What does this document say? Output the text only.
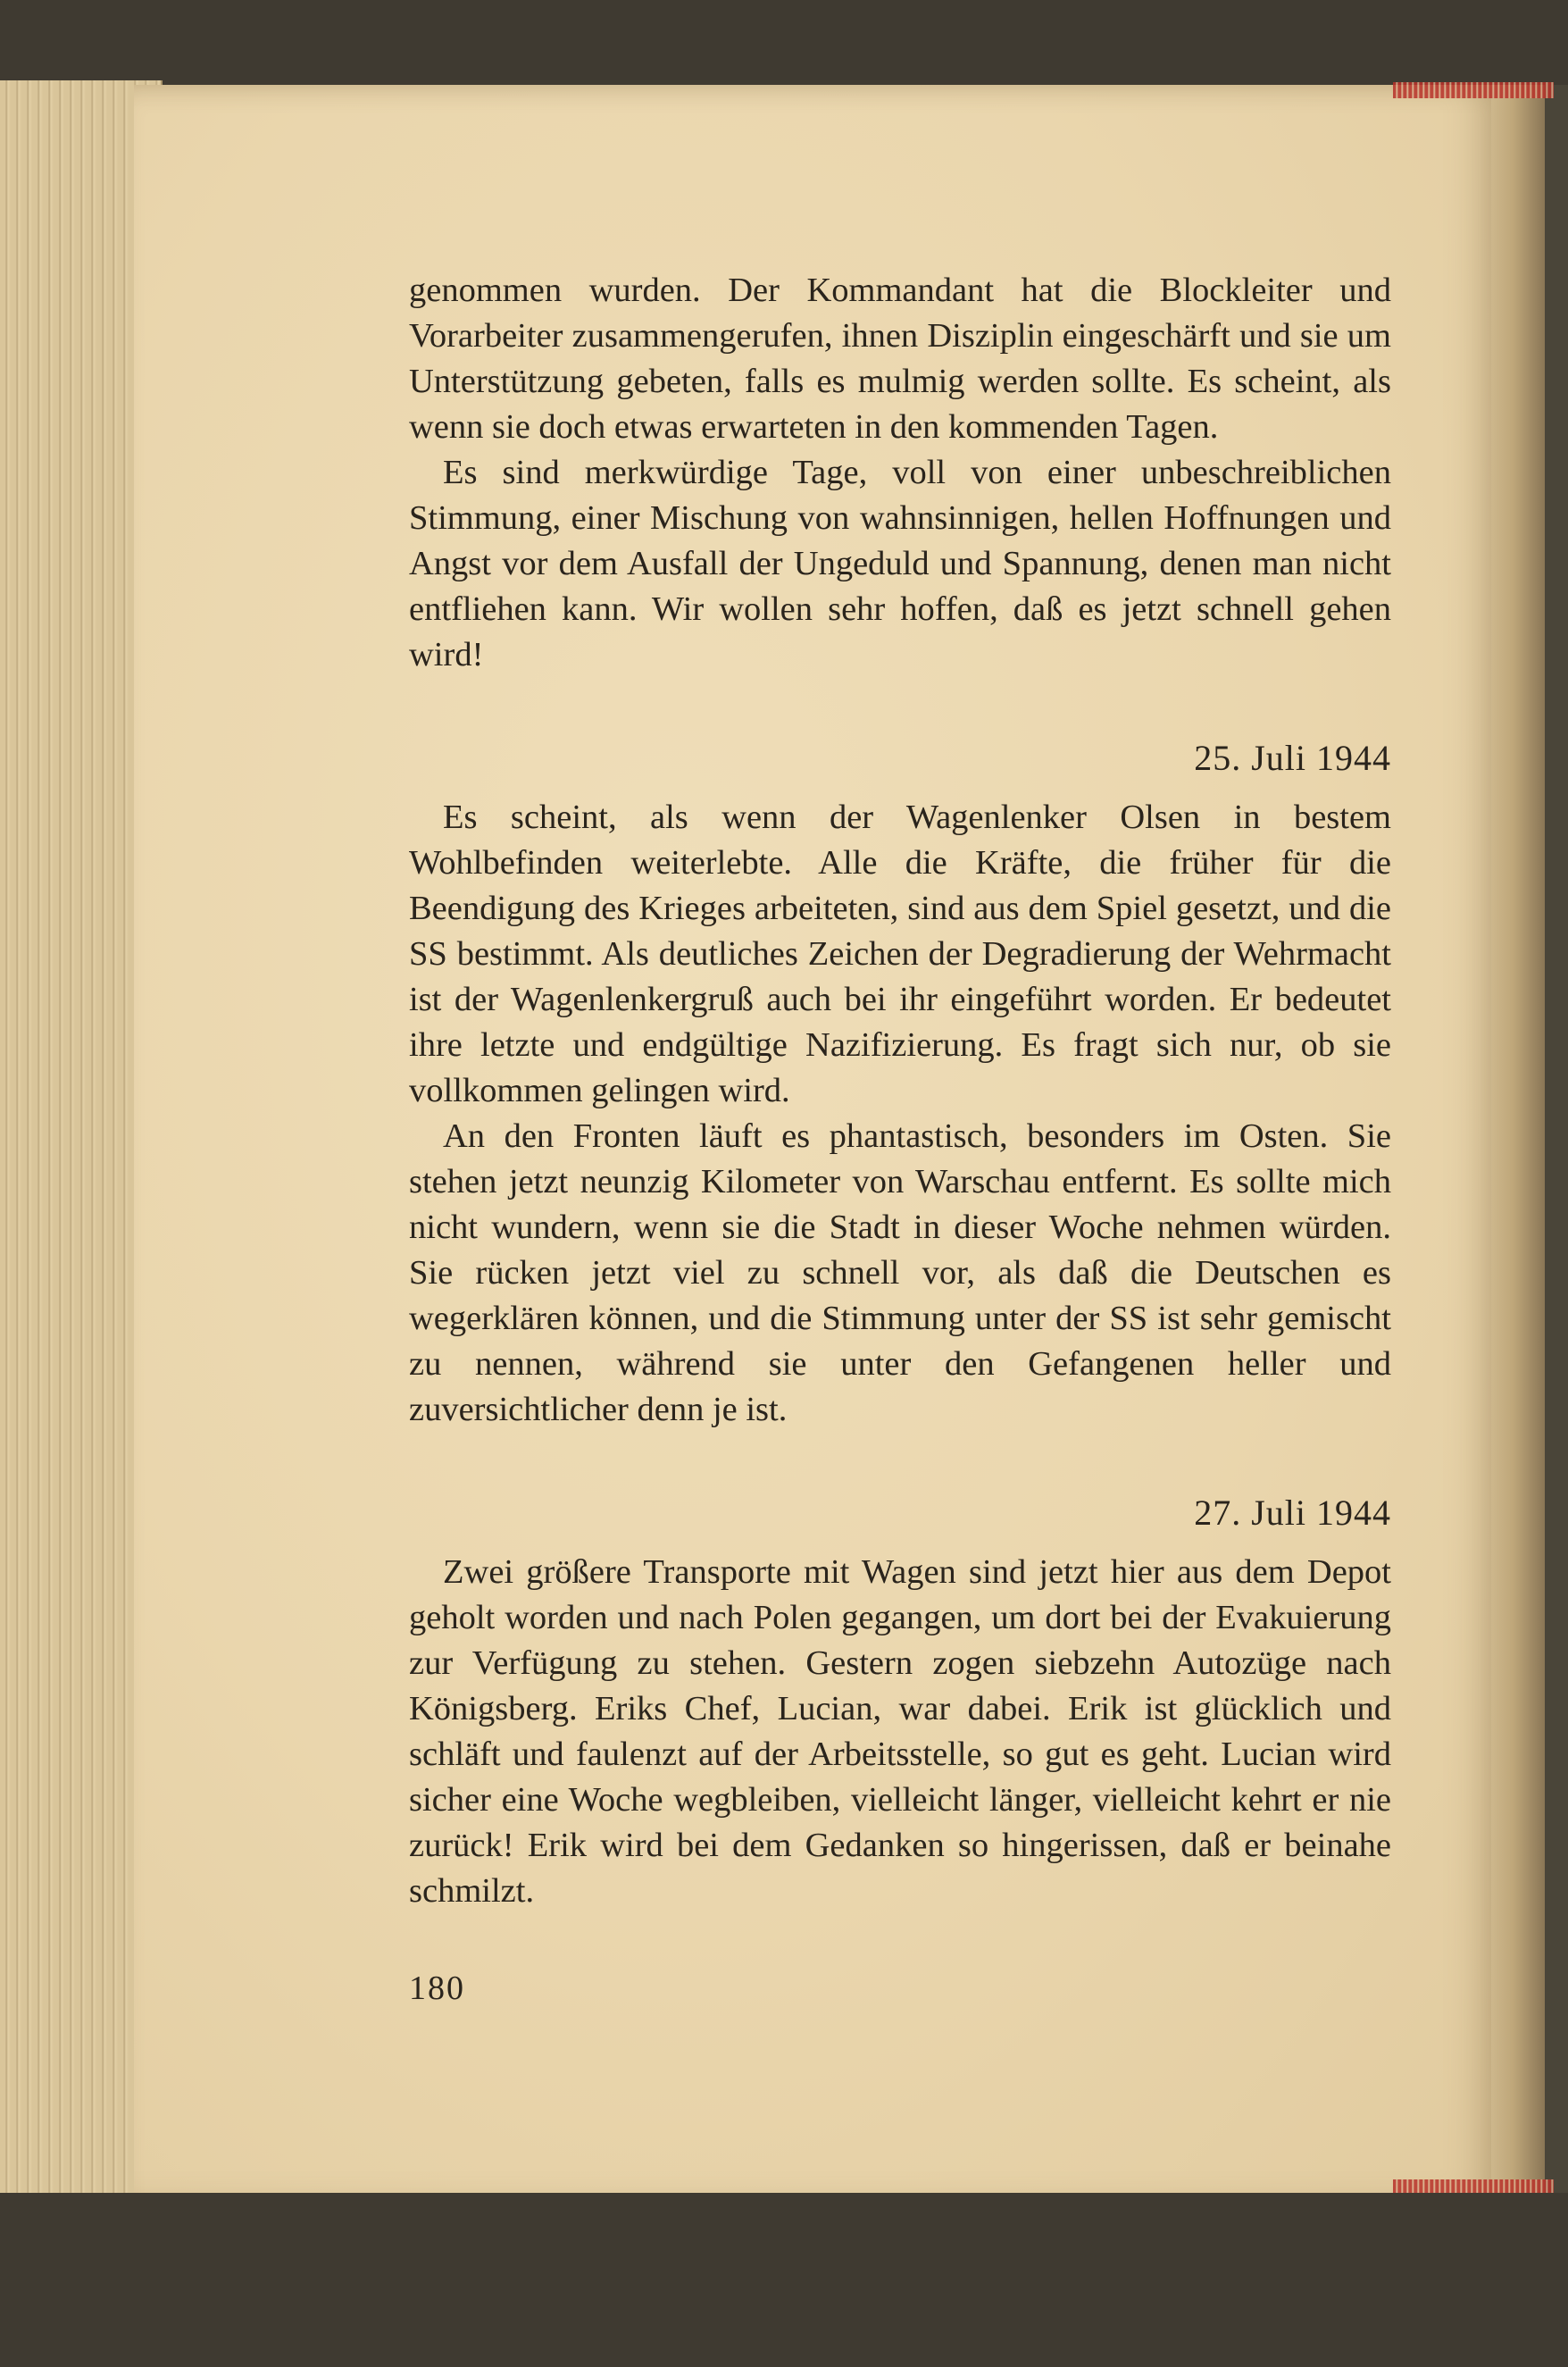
genommen wurden. Der Kommandant hat die Blockleiter und Vorarbeiter zusammengerufen, ihnen Disziplin eingeschärft und sie um Unterstützung gebeten, falls es mulmig werden sollte. Es scheint, als wenn sie doch etwas erwarteten in den kommenden Tagen.

Es sind merkwürdige Tage, voll von einer unbeschreiblichen Stimmung, einer Mischung von wahnsinnigen, hellen Hoffnungen und Angst vor dem Ausfall der Ungeduld und Spannung, denen man nicht entfliehen kann. Wir wollen sehr hoffen, daß es jetzt schnell gehen wird!

25. Juli 1944

Es scheint, als wenn der Wagenlenker Olsen in bestem Wohlbefinden weiterlebte. Alle die Kräfte, die früher für die Beendigung des Krieges arbeiteten, sind aus dem Spiel gesetzt, und die SS bestimmt. Als deutliches Zeichen der Degradierung der Wehrmacht ist der Wagenlenkergruß auch bei ihr eingeführt worden. Er bedeutet ihre letzte und endgültige Nazifizierung. Es fragt sich nur, ob sie vollkommen gelingen wird.

An den Fronten läuft es phantastisch, besonders im Osten. Sie stehen jetzt neunzig Kilometer von Warschau entfernt. Es sollte mich nicht wundern, wenn sie die Stadt in dieser Woche nehmen würden. Sie rücken jetzt viel zu schnell vor, als daß die Deutschen es wegerklären können, und die Stimmung unter der SS ist sehr gemischt zu nennen, während sie unter den Gefangenen heller und zuversichtlicher denn je ist.

27. Juli 1944

Zwei größere Transporte mit Wagen sind jetzt hier aus dem Depot geholt worden und nach Polen gegangen, um dort bei der Evakuierung zur Verfügung zu stehen. Gestern zogen siebzehn Autozüge nach Königsberg. Eriks Chef, Lucian, war dabei. Erik ist glücklich und schläft und faulenzt auf der Arbeitsstelle, so gut es geht. Lucian wird sicher eine Woche wegbleiben, vielleicht länger, vielleicht kehrt er nie zurück! Erik wird bei dem Gedanken so hingerissen, daß er beinahe schmilzt.

180
